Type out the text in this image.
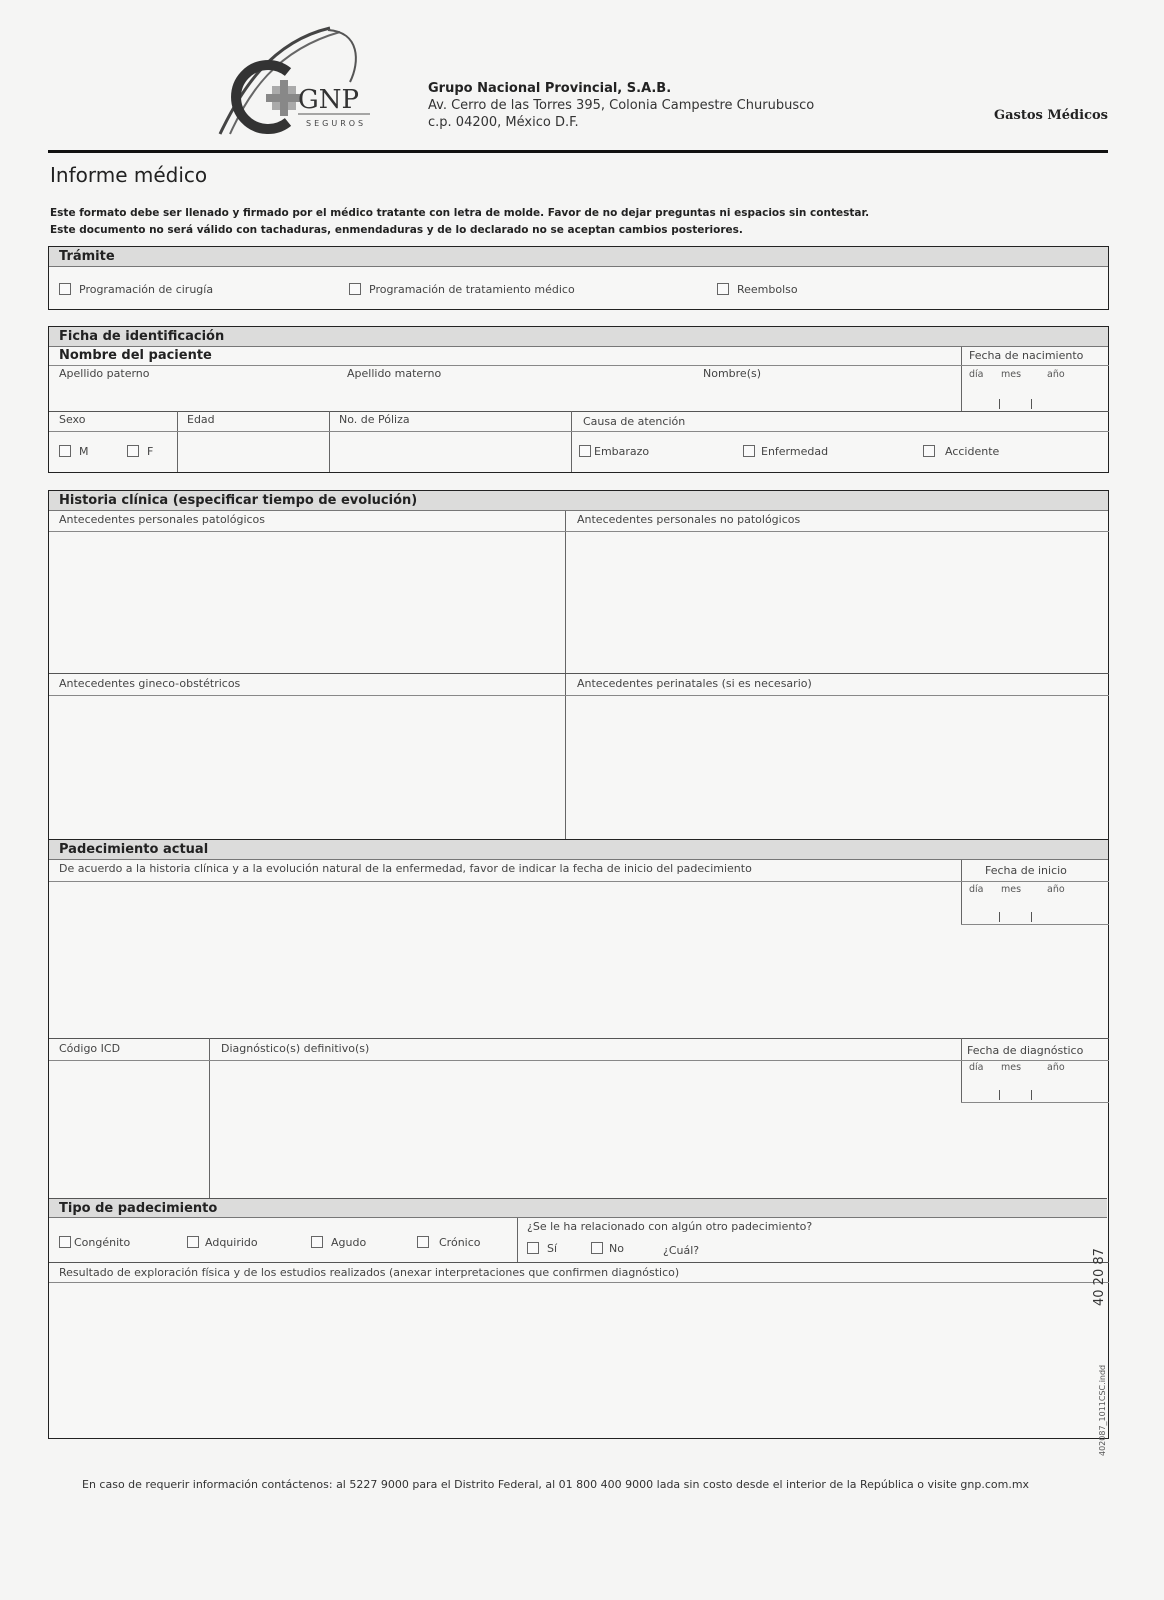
GNP
SEGUROS
Grupo Nacional Provincial, S.A.B.
Av. Cerro de las Torres 395, Colonia Campestre Churubusco
c.p. 04200, México D.F.	Gastos Médicos
Informe médico
Este formato debe ser llenado y firmado por el médico tratante con letra de molde. Favor de no dejar preguntas ni espacios sin contestar.
Este documento no será válido con tachaduras, enmendaduras y de lo declarado no se aceptan cambios posteriores.
Trámite
Programación de cirugía	Programación de tratamiento médico	Reembolso
Ficha de identificación
Nombre del paciente
Apellido paterno	Apellido materno	Nombre(s)
Fecha de nacimiento
día mes	año
Sexo	Edad	No. de Póliza	Causa de atención
M	F	Embarazo	Enfermedad	Accidente
Historia clínica (especificar tiempo de evolución)
Antecedentes personales patológicos	Antecedentes personales no patológicos
Antecedentes gineco-obstétricos	Antecedentes perinatales (si es necesario)
Padecimiento actual
De acuerdo a la historia clínica y a la evolución natural de la enfermedad, favor de indicar la fecha de inicio del padecimiento	Fecha de inicio
día mes	año
Código ICD	Diagnóstico(s) definitivo(s)	Fecha de diagnóstico
día mes	año
Tipo de padecimiento
Congénito	Adquirido	Agudo	Crónico
¿Se le ha relacionado con algún otro padecimiento?
Sí	No	¿Cuál?
Resultado de exploración física y de los estudios realizados (anexar interpretaciones que confirmen diagnóstico)	40 20 87
402087_1011CSC.indd
En caso de requerir información contáctenos: al 5227 9000 para el Distrito Federal, al 01 800 400 9000 lada sin costo desde el interior de la República o visite gnp.com.mx
